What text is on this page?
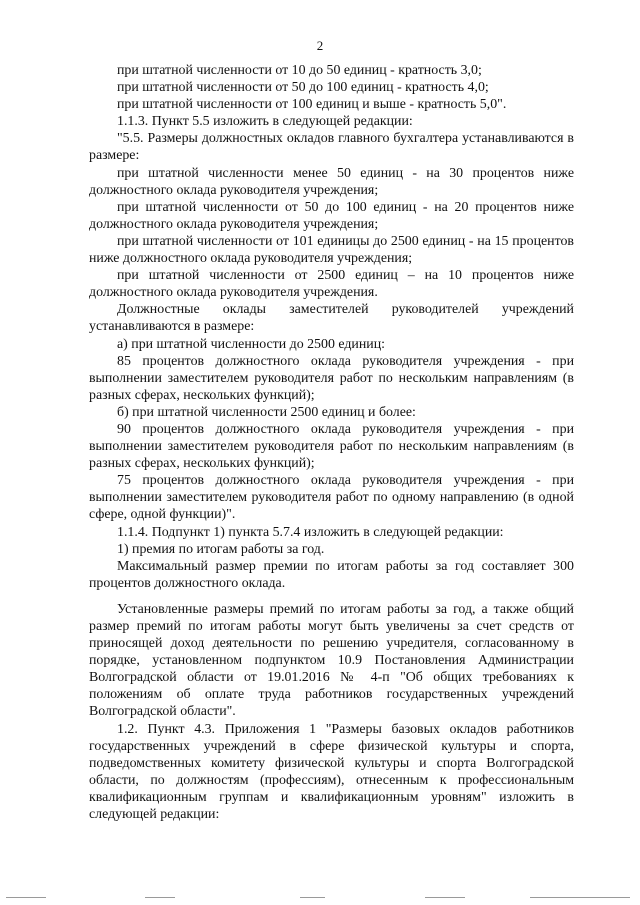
2

при штатной численности от 10 до 50 единиц - кратность 3,0;

при штатной численности от 50 до 100 единиц - кратность 4,0;

при штатной численности от 100 единиц и выше - кратность 5,0".

1.1.3. Пункт 5.5 изложить в следующей редакции:

"5.5. Размеры должностных окладов главного бухгалтера устанавливаются в размере:

при штатной численности менее 50 единиц - на 30 процентов ниже должностного оклада руководителя учреждения;

при штатной численности от 50 до 100 единиц - на 20 процентов ниже должностного оклада руководителя учреждения;

при штатной численности от 101 единицы до 2500 единиц - на 15 процентов ниже должностного оклада руководителя учреждения;

при штатной численности от 2500 единиц – на 10 процентов ниже должностного оклада руководителя учреждения.

Должностные оклады заместителей руководителей учреждений устанавливаются в размере:

а) при штатной численности до 2500 единиц:

85 процентов должностного оклада руководителя учреждения - при выполнении заместителем руководителя работ по нескольким направлениям (в разных сферах, нескольких функций);

б) при штатной численности 2500 единиц и более:

90 процентов должностного оклада руководителя учреждения - при выполнении заместителем руководителя работ по нескольким направлениям (в разных сферах, нескольких функций);

75 процентов должностного оклада руководителя учреждения - при выполнении заместителем руководителя работ по одному направлению (в одной сфере, одной функции)".

1.1.4. Подпункт 1) пункта 5.7.4 изложить в следующей редакции:

1) премия по итогам работы за год.

Максимальный размер премии по итогам работы за год составляет 300 процентов должностного оклада.

Установленные размеры премий по итогам работы за год, а также общий размер премий по итогам работы могут быть увеличены за счет средств от приносящей доход деятельности по решению учредителя, согласованному в порядке, установленном подпунктом 10.9 Постановления Администрации Волгоградской области от 19.01.2016 № 4-п "Об общих требованиях к положениям об оплате труда работников государственных учреждений Волгоградской области".

1.2. Пункт 4.3. Приложения 1 "Размеры базовых окладов работников государственных учреждений в сфере физической культуры и спорта, подведомственных комитету физической культуры и спорта Волгоградской области, по должностям (профессиям), отнесенным к профессиональным квалификационным группам и квалификационным уровням" изложить в следующей редакции:
